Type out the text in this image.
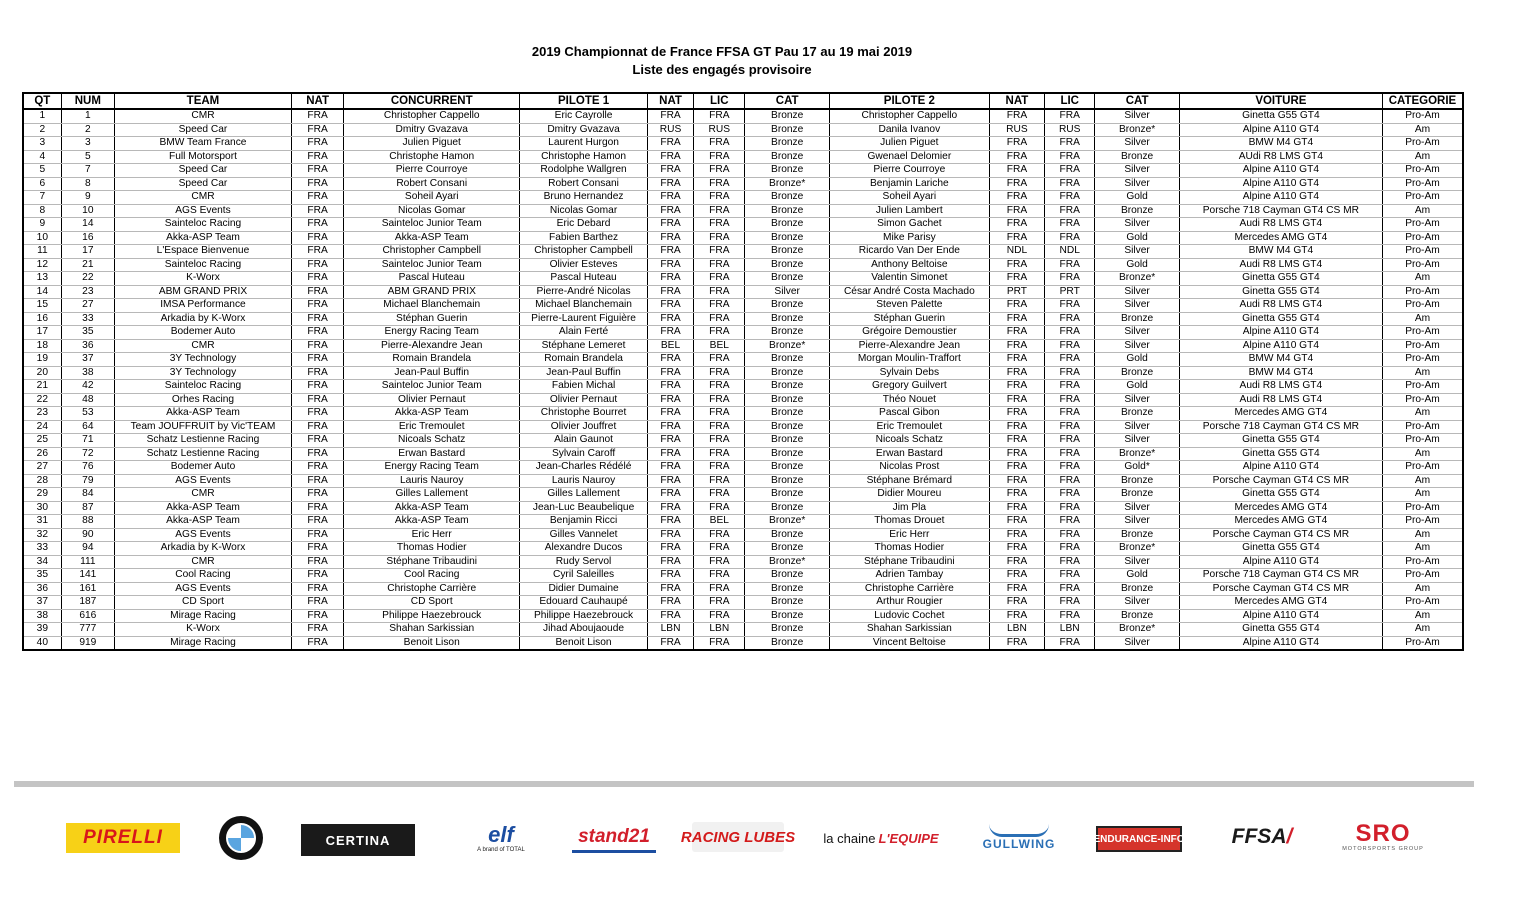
2019 Championnat de France FFSA GT Pau 17 au 19 mai 2019
Liste des engagés provisoire
QT	NUM	TEAM	NAT	CONCURRENT	PILOTE 1	NAT	LIC	CAT	PILOTE 2	NAT	LIC	CAT	VOITURE	CATEGORIE
1	1	CMR	FRA	Christopher Cappello	Eric Cayrolle	FRA	FRA	Bronze	Christopher Cappello	FRA	FRA	Silver	Ginetta G55 GT4	Pro-Am
2	2	Speed Car	FRA	Dmitry Gvazava	Dmitry Gvazava	RUS	RUS	Bronze	Danila Ivanov	RUS	RUS	Bronze*	Alpine A110 GT4	Am
3	3	BMW Team France	FRA	Julien Piguet	Laurent Hurgon	FRA	FRA	Bronze	Julien Piguet	FRA	FRA	Silver	BMW M4 GT4	Pro-Am
4	5	Full Motorsport	FRA	Christophe Hamon	Christophe Hamon	FRA	FRA	Bronze	Gwenael Delomier	FRA	FRA	Bronze	AUdi R8 LMS GT4	Am
5	7	Speed Car	FRA	Pierre Courroye	Rodolphe Wallgren	FRA	FRA	Bronze	Pierre Courroye	FRA	FRA	Silver	Alpine A110 GT4	Pro-Am
6	8	Speed Car	FRA	Robert Consani	Robert Consani	FRA	FRA	Bronze*	Benjamin Lariche	FRA	FRA	Silver	Alpine A110 GT4	Pro-Am
7	9	CMR	FRA	Soheil Ayari	Bruno Hernandez	FRA	FRA	Bronze	Soheil Ayari	FRA	FRA	Gold	Alpine A110 GT4	Pro-Am
8	10	AGS Events	FRA	Nicolas Gomar	Nicolas Gomar	FRA	FRA	Bronze	Julien Lambert	FRA	FRA	Bronze	Porsche 718 Cayman GT4 CS MR	Am
9	14	Sainteloc Racing	FRA	Sainteloc Junior Team	Eric Debard	FRA	FRA	Bronze	Simon Gachet	FRA	FRA	Silver	Audi R8 LMS GT4	Pro-Am
10	16	Akka-ASP Team	FRA	Akka-ASP Team	Fabien Barthez	FRA	FRA	Bronze	Mike Parisy	FRA	FRA	Gold	Mercedes AMG GT4	Pro-Am
11	17	L'Espace Bienvenue	FRA	Christopher Campbell	Christopher Campbell	FRA	FRA	Bronze	Ricardo Van Der Ende	NDL	NDL	Silver	BMW M4 GT4	Pro-Am
12	21	Sainteloc Racing	FRA	Sainteloc Junior Team	Olivier Esteves	FRA	FRA	Bronze	Anthony Beltoise	FRA	FRA	Gold	Audi R8 LMS GT4	Pro-Am
13	22	K-Worx	FRA	Pascal Huteau	Pascal Huteau	FRA	FRA	Bronze	Valentin Simonet	FRA	FRA	Bronze*	Ginetta G55 GT4	Am
14	23	ABM GRAND PRIX	FRA	ABM GRAND PRIX	Pierre-André Nicolas	FRA	FRA	Silver	César André Costa Machado	PRT	PRT	Silver	Ginetta G55 GT4	Pro-Am
15	27	IMSA Performance	FRA	Michael Blanchemain	Michael Blanchemain	FRA	FRA	Bronze	Steven Palette	FRA	FRA	Silver	Audi R8 LMS GT4	Pro-Am
16	33	Arkadia by K-Worx	FRA	Stéphan Guerin	Pierre-Laurent Figuière	FRA	FRA	Bronze	Stéphan Guerin	FRA	FRA	Bronze	Ginetta G55 GT4	Am
17	35	Bodemer Auto	FRA	Energy Racing Team	Alain Ferté	FRA	FRA	Bronze	Grégoire Demoustier	FRA	FRA	Silver	Alpine A110 GT4	Pro-Am
18	36	CMR	FRA	Pierre-Alexandre Jean	Stéphane Lemeret	BEL	BEL	Bronze*	Pierre-Alexandre Jean	FRA	FRA	Silver	Alpine A110 GT4	Pro-Am
19	37	3Y Technology	FRA	Romain Brandela	Romain Brandela	FRA	FRA	Bronze	Morgan Moulin-Traffort	FRA	FRA	Gold	BMW M4 GT4	Pro-Am
20	38	3Y Technology	FRA	Jean-Paul Buffin	Jean-Paul Buffin	FRA	FRA	Bronze	Sylvain Debs	FRA	FRA	Bronze	BMW M4 GT4	Am
21	42	Sainteloc Racing	FRA	Sainteloc Junior Team	Fabien Michal	FRA	FRA	Bronze	Gregory Guilvert	FRA	FRA	Gold	Audi R8 LMS GT4	Pro-Am
22	48	Orhes Racing	FRA	Olivier Pernaut	Olivier Pernaut	FRA	FRA	Bronze	Théo Nouet	FRA	FRA	Silver	Audi R8 LMS GT4	Pro-Am
23	53	Akka-ASP Team	FRA	Akka-ASP Team	Christophe Bourret	FRA	FRA	Bronze	Pascal Gibon	FRA	FRA	Bronze	Mercedes AMG GT4	Am
24	64	Team JOUFFRUIT by Vic'TEAM	FRA	Eric Tremoulet	Olivier Jouffret	FRA	FRA	Bronze	Eric Tremoulet	FRA	FRA	Silver	Porsche 718 Cayman GT4 CS MR	Pro-Am
25	71	Schatz Lestienne Racing	FRA	Nicoals Schatz	Alain Gaunot	FRA	FRA	Bronze	Nicoals Schatz	FRA	FRA	Silver	Ginetta G55 GT4	Pro-Am
26	72	Schatz Lestienne Racing	FRA	Erwan Bastard	Sylvain Caroff	FRA	FRA	Bronze	Erwan Bastard	FRA	FRA	Bronze*	Ginetta G55 GT4	Am
27	76	Bodemer Auto	FRA	Energy Racing Team	Jean-Charles Rédélé	FRA	FRA	Bronze	Nicolas Prost	FRA	FRA	Gold*	Alpine A110 GT4	Pro-Am
28	79	AGS Events	FRA	Lauris Nauroy	Lauris Nauroy	FRA	FRA	Bronze	Stéphane Brémard	FRA	FRA	Bronze	Porsche Cayman GT4 CS MR	Am
29	84	CMR	FRA	Gilles Lallement	Gilles Lallement	FRA	FRA	Bronze	Didier Moureu	FRA	FRA	Bronze	Ginetta G55 GT4	Am
30	87	Akka-ASP Team	FRA	Akka-ASP Team	Jean-Luc Beaubelique	FRA	FRA	Bronze	Jim Pla	FRA	FRA	Silver	Mercedes AMG GT4	Pro-Am
31	88	Akka-ASP Team	FRA	Akka-ASP Team	Benjamin Ricci	FRA	BEL	Bronze*	Thomas Drouet	FRA	FRA	Silver	Mercedes AMG GT4	Pro-Am
32	90	AGS Events	FRA	Eric Herr	Gilles Vannelet	FRA	FRA	Bronze	Eric Herr	FRA	FRA	Bronze	Porsche Cayman GT4 CS MR	Am
33	94	Arkadia by K-Worx	FRA	Thomas Hodier	Alexandre Ducos	FRA	FRA	Bronze	Thomas Hodier	FRA	FRA	Bronze*	Ginetta G55 GT4	Am
34	111	CMR	FRA	Stéphane Tribaudini	Rudy Servol	FRA	FRA	Bronze*	Stéphane Tribaudini	FRA	FRA	Silver	Alpine A110 GT4	Pro-Am
35	141	Cool Racing	FRA	Cool Racing	Cyril Saleilles	FRA	FRA	Bronze	Adrien Tambay	FRA	FRA	Gold	Porsche 718 Cayman GT4 CS MR	Pro-Am
36	161	AGS Events	FRA	Christophe Carrière	Didier Dumaine	FRA	FRA	Bronze	Christophe Carrière	FRA	FRA	Bronze	Porsche Cayman GT4 CS MR	Am
37	187	CD Sport	FRA	CD Sport	Edouard Cauhaupé	FRA	FRA	Bronze	Arthur Rougier	FRA	FRA	Silver	Mercedes AMG GT4	Pro-Am
38	616	Mirage Racing	FRA	Philippe Haezebrouck	Philippe Haezebrouck	FRA	FRA	Bronze	Ludovic Cochet	FRA	FRA	Bronze	Alpine A110 GT4	Am
39	777	K-Worx	FRA	Shahan Sarkissian	Jihad Aboujaoude	LBN	LBN	Bronze	Shahan Sarkissian	LBN	LBN	Bronze*	Ginetta G55 GT4	Am
40	919	Mirage Racing	FRA	Benoit Lison	Benoit Lison	FRA	FRA	Bronze	Vincent Beltoise	FRA	FRA	Silver	Alpine A110 GT4	Pro-Am
PIRELLI	CERTINA	elf
A brand of TOTAL
stand21	RACING LUBES la chaine L'EQUIPE	GULLWING	ENDURANCE-INFO FFSA /	SRO
MOTORSPORTS GROUP
